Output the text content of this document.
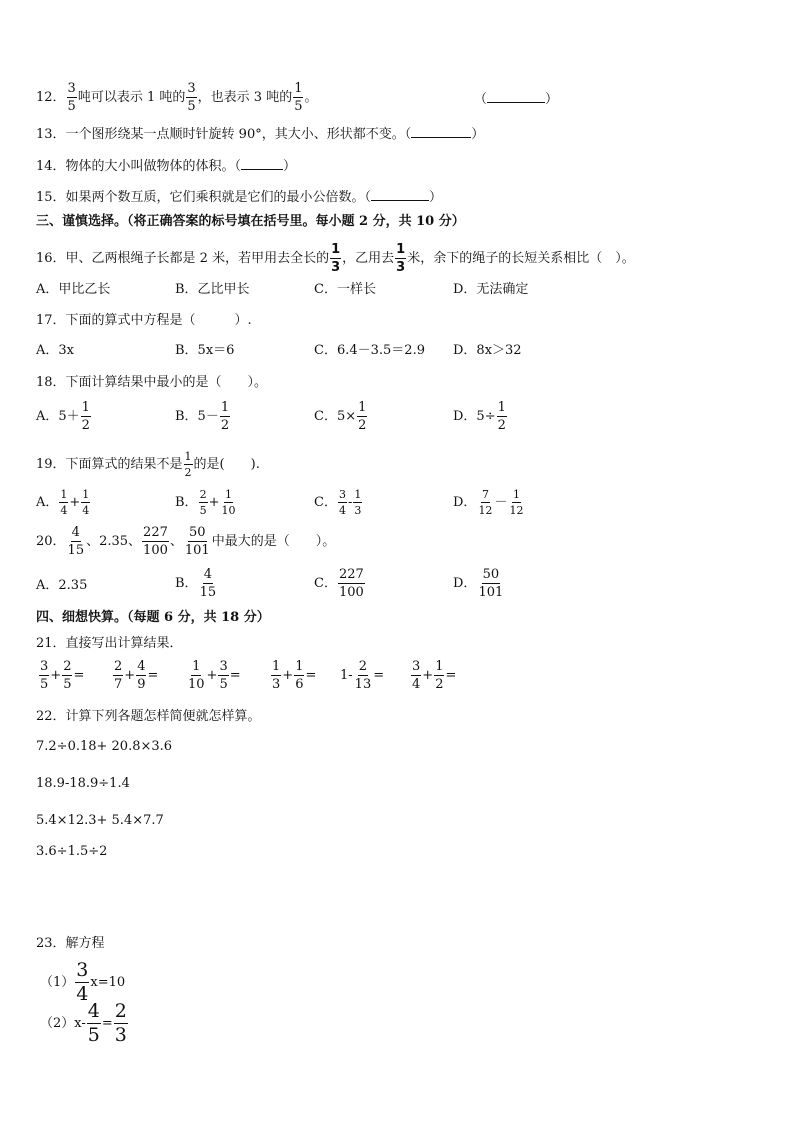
12． $\frac{3}{5}$ 吨可以表示 1 吨的 $\frac{3}{5}$ ，也表示 3 吨的 $\frac{1}{5}$ 。	（	）
13．一个图形绕某一点顺时针旋转 90°，其大小、形状都不变。（	）
14．物体的大小叫做物体的体积。（	）
15．如果两个数互质，它们乘积就是它们的最小公倍数。（	）
三、谨慎选择。（将正确答案的标号填在括号里。每小题 2 分，共 10 分）
16．甲、乙两根绳子长都是 2 米，若甲用去全长的 $\frac{1}{3}$ ，乙用去 $\frac{1}{3}$ 米，余下的绳子的长短关系相比（　）。
A．甲比乙长	B．乙比甲长	C．一样长	D．无法确定
17．下面的算式中方程是（　　　）.
A．3x	B．5x＝6	C．6.4－3.5＝2.9 D．8x＞32
18．下面计算结果中最小的是（　　）。
A．$5+ \frac{1}{2}$	B．$5- \frac{1}{2}$	C．$5\times \frac{1}{2}$	D．$5\div \frac{1}{2}$
19．下面算式的结果不是 $\frac{1}{2}$ 的是(　　).
A． $\frac{1}{4} + \frac{1}{4}$	B． $\frac{2}{5} + \frac{1}{10}$	C． $\frac{3}{4} - \frac{1}{3}$	D． $\frac{7}{12} - \frac{1}{12}$
20． $\frac{4}{15}$ 、2.35、 $\frac{227}{100}$ 、 $\frac{50}{101}$ 中最大的是（　　）。
A．2.35	B． $\frac{4}{15}$	C． $\frac{227}{100}$	D． $\frac{50}{101}$
四、细想快算。（每题 6 分，共 18 分）
21．直接写出计算结果．
$\frac{3}{5} + \frac{2}{5} = \frac{2}{7} + \frac{4}{9} = \frac{1}{10} + \frac{3}{5} = \frac{1}{3} + \frac{1}{6} = 1- \frac{2}{13} = \frac{3}{4} + \frac{1}{2}$ =
22．计算下列各题怎样简便就怎样算。
7.2÷0.18+ 20.8×3.6
18.9-18.9÷1.4
5.4×12.3+ 5.4×7.7
3.6÷1.5÷2
23．解方程
$(1) \frac{3}{4} x=10$
$(2)x- \frac{4}{5} = \frac{2}{3}$
